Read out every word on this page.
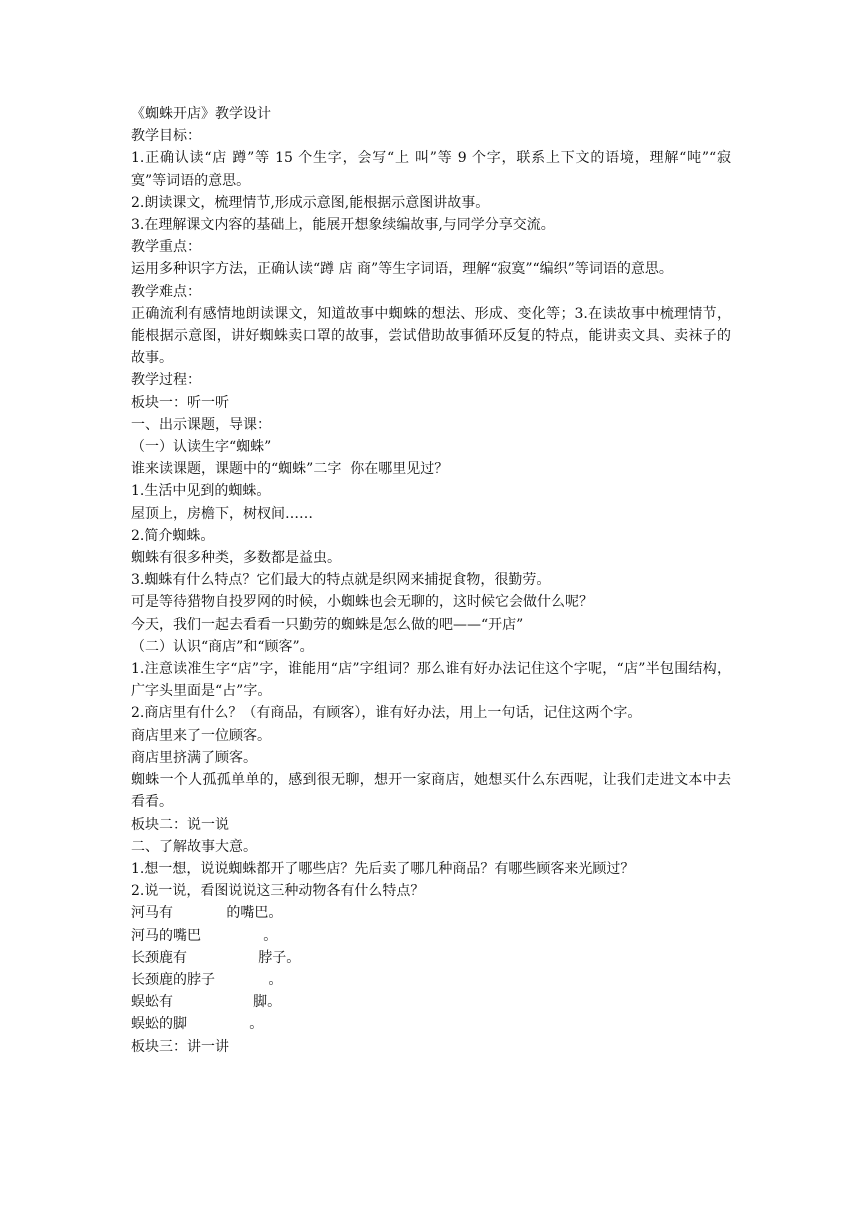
《蜘蛛开店》教学设计

教学目标：

1.正确认读“店 蹲”等 15 个生字，会写“上 叫”等 9 个字，联系上下文的语境，理解“吨”“寂寞”等词语的意思。

2.朗读课文，梳理情节,形成示意图,能根据示意图讲故事。

3.在理解课文内容的基础上，能展开想象续编故事,与同学分享交流。

教学重点：

运用多种识字方法，正确认读“蹲 店 商”等生字词语，理解“寂寞”“编织”等词语的意思。

教学难点：

正确流利有感情地朗读课文，知道故事中蜘蛛的想法、形成、变化等；3.在读故事中梳理情节，能根据示意图，讲好蜘蛛卖口罩的故事，尝试借助故事循环反复的特点，能讲卖文具、卖袜子的故事。

教学过程：

板块一：听一听

一、出示课题，导课：

（一）认读生字“蜘蛛”

谁来读课题，课题中的“蜘蛛”二字  你在哪里见过？

1.生活中见到的蜘蛛。

屋顶上，房檐下，树杈间……

2.简介蜘蛛。

蜘蛛有很多种类，多数都是益虫。

3.蜘蛛有什么特点？它们最大的特点就是织网来捕捉食物，很勤劳。

可是等待猎物自投罗网的时候，小蜘蛛也会无聊的，这时候它会做什么呢？

今天，我们一起去看看一只勤劳的蜘蛛是怎么做的吧——“开店”

（二）认识“商店”和“顾客”。

1.注意读准生字“店”字，谁能用“店”字组词？那么谁有好办法记住这个字呢，“店”半包围结构，广字头里面是“占”字。

2.商店里有什么？（有商品，有顾客），谁有好办法，用上一句话，记住这两个字。

商店里来了一位顾客。

商店里挤满了顾客。

蜘蛛一个人孤孤单单的，感到很无聊，想开一家商店，她想买什么东西呢，让我们走进文本中去看看。

板块二：说一说

二、了解故事大意。

1.想一想，说说蜘蛛都开了哪些店？先后卖了哪几种商品？有哪些顾客来光顾过？

2.说一说，看图说说这三种动物各有什么特点？

河马有            的嘴巴。

河马的嘴巴              。

长颈鹿有                脖子。

长颈鹿的脖子            。

蜈蚣有                  脚。

蜈蚣的脚              。

板块三：讲一讲
